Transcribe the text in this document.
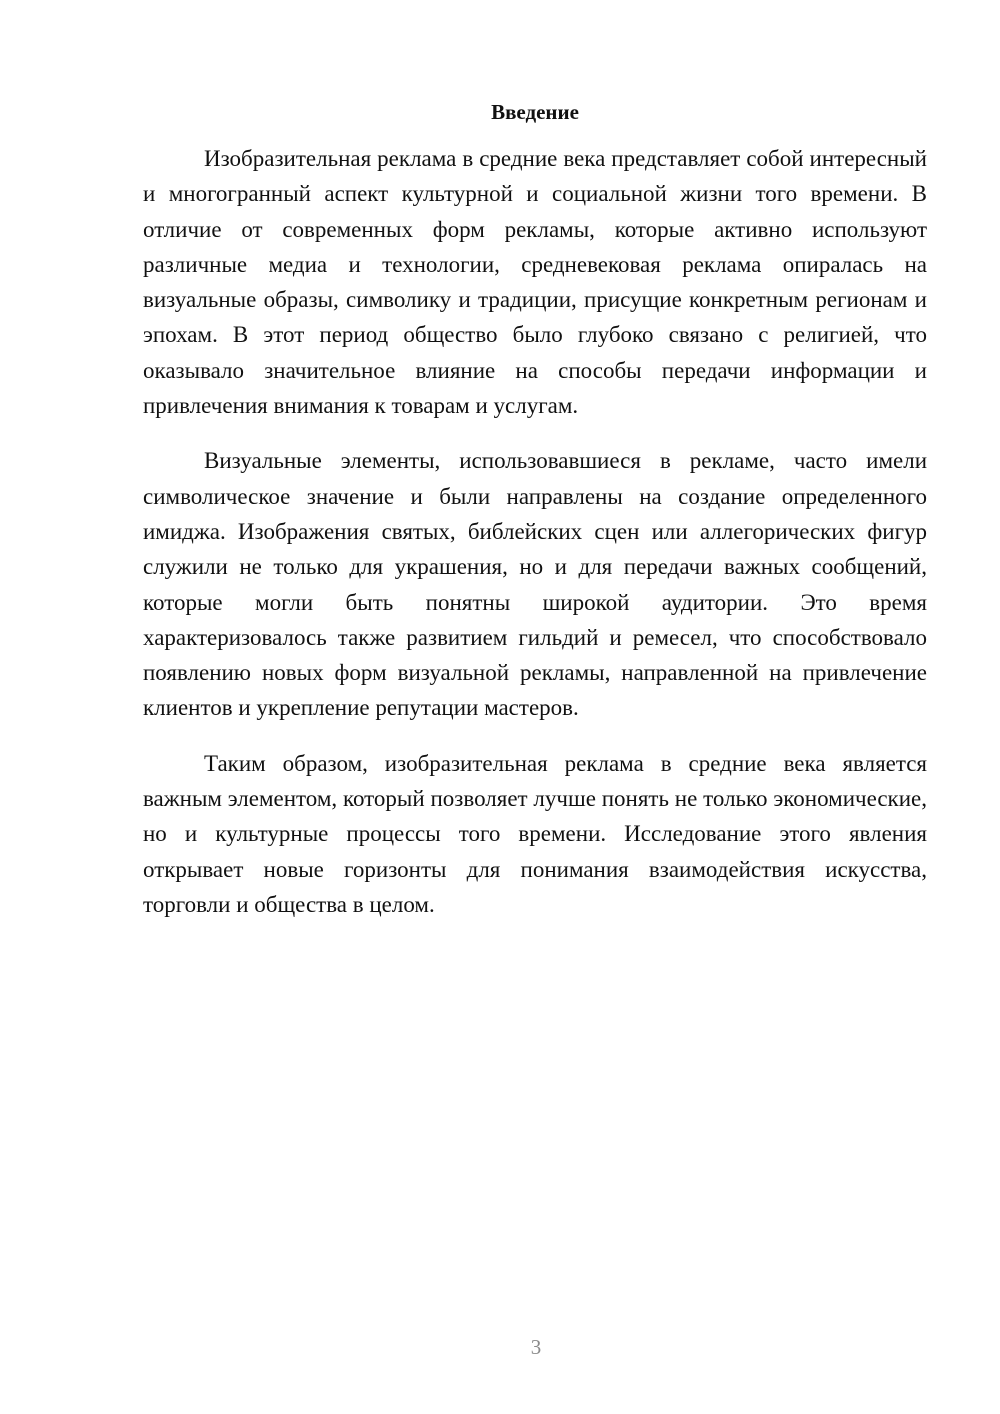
Введение

Изобразительная реклама в средние века представляет собой интересный и многогранный аспект культурной и социальной жизни того времени. В отличие от современных форм рекламы, которые активно используют различные медиа и технологии, средневековая реклама опиралась на визуальные образы, символику и традиции, присущие конкретным регионам и эпохам. В этот период общество было глубоко связано с религией, что оказывало значительное влияние на способы передачи информации и привлечения внимания к товарам и услугам.

Визуальные элементы, использовавшиеся в рекламе, часто имели символическое значение и были направлены на создание определенного имиджа. Изображения святых, библейских сцен или аллегорических фигур служили не только для украшения, но и для передачи важных сообщений, которые могли быть понятны широкой аудитории. Это время характеризовалось также развитием гильдий и ремесел, что способствовало появлению новых форм визуальной рекламы, направленной на привлечение клиентов и укрепление репутации мастеров.

Таким образом, изобразительная реклама в средние века является важным элементом, который позволяет лучше понять не только экономические, но и культурные процессы того времени. Исследование этого явления открывает новые горизонты для понимания взаимодействия искусства, торговли и общества в целом.

3
